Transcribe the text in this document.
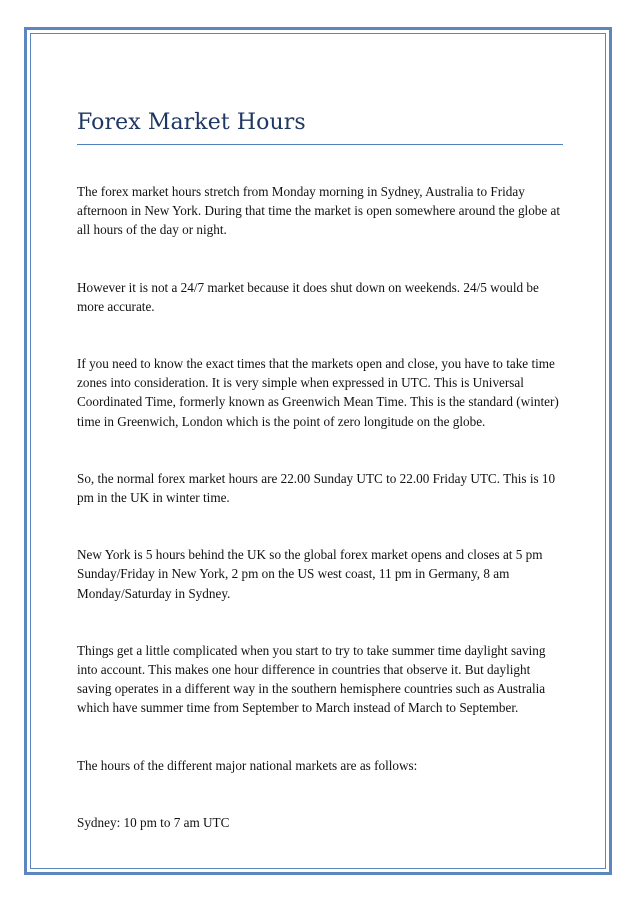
Forex Market Hours

The forex market hours stretch from Monday morning in Sydney, Australia to Friday afternoon in New York. During that time the market is open somewhere around the globe at all hours of the day or night.

However it is not a 24/7 market because it does shut down on weekends. 24/5 would be more accurate.

If you need to know the exact times that the markets open and close, you have to take time zones into consideration. It is very simple when expressed in UTC. This is Universal Coordinated Time, formerly known as Greenwich Mean Time. This is the standard (winter) time in Greenwich, London which is the point of zero longitude on the globe.

So, the normal forex market hours are 22.00 Sunday UTC to 22.00 Friday UTC. This is 10 pm in the UK in winter time.

New York is 5 hours behind the UK so the global forex market opens and closes at 5 pm Sunday/Friday in New York, 2 pm on the US west coast, 11 pm in Germany, 8 am Monday/Saturday in Sydney.

Things get a little complicated when you start to try to take summer time daylight saving into account. This makes one hour difference in countries that observe it. But daylight saving operates in a different way in the southern hemisphere countries such as Australia which have summer time from September to March instead of March to September.

The hours of the different major national markets are as follows:

Sydney: 10 pm to 7 am UTC
